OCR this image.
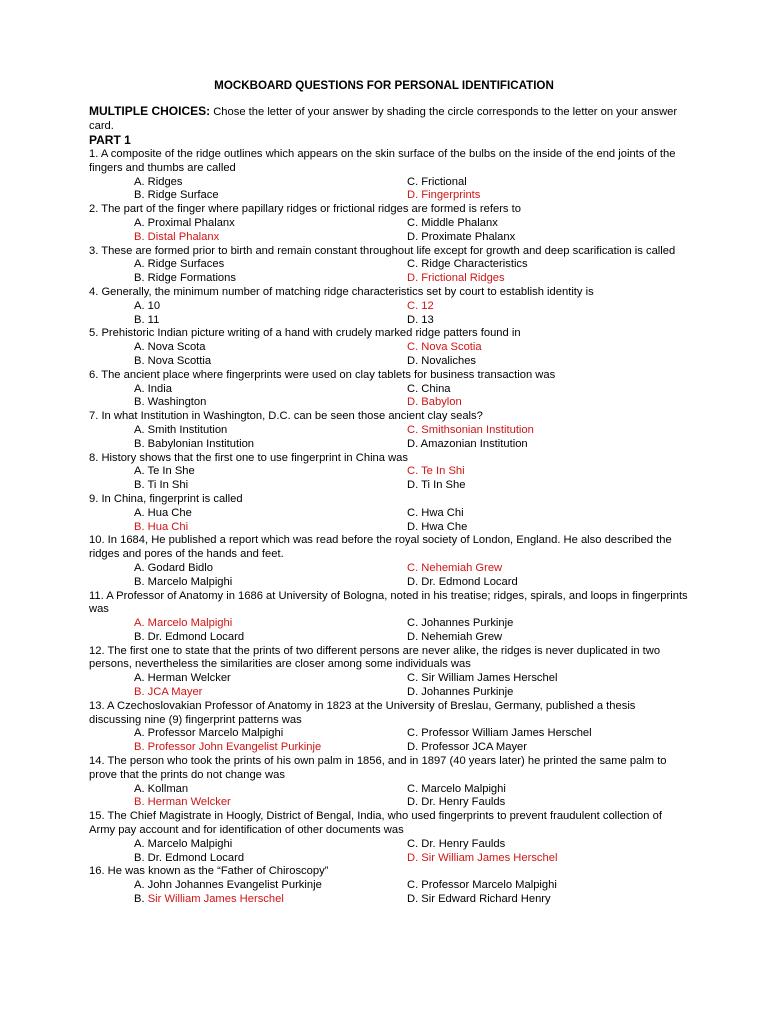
MOCKBOARD QUESTIONS FOR PERSONAL IDENTIFICATION
MULTIPLE CHOICES: Chose the letter of your answer by shading the circle corresponds to the letter on your answer card.
PART 1
1. A composite of the ridge outlines which appears on the skin surface of the bulbs on the inside of the end joints of the fingers and thumbs are called
A. Ridges	C. Frictional
B. Ridge Surface	D. Fingerprints
2. The part of the finger where papillary ridges or frictional ridges are formed is refers to
A. Proximal Phalanx	C. Middle Phalanx
B. Distal Phalanx	D. Proximate Phalanx
3. These are formed prior to birth and remain constant throughout life except for growth and deep scarification is called
A. Ridge Surfaces	C. Ridge Characteristics
B. Ridge Formations	D. Frictional Ridges
4. Generally, the minimum number of matching ridge characteristics set by court to establish identity is
A. 10	C. 12
B. 11	D. 13
5. Prehistoric Indian picture writing of a hand with crudely marked ridge patters found in
A. Nova Scota	C. Nova Scotia
B. Nova Scottia	D. Novaliches
6. The ancient place where fingerprints were used on clay tablets for business transaction was
A. India	C. China
B. Washington	D. Babylon
7. In what Institution in Washington, D.C. can be seen those ancient clay seals?
A. Smith Institution	C. Smithsonian Institution
B. Babylonian Institution	D. Amazonian Institution
8. History shows that the first one to use fingerprint in China was
A. Te In She	C. Te In Shi
B. Ti In Shi	D. Ti In She
9. In China, fingerprint is called
A. Hua Che	C. Hwa Chi
B. Hua Chi	D. Hwa Che
10. In 1684, He published a report which was read before the royal society of London, England. He also described the ridges and pores of the hands and feet.
A. Godard Bidlo	C. Nehemiah Grew
B. Marcelo Malpighi	D. Dr. Edmond Locard
11. A Professor of Anatomy in 1686 at University of Bologna, noted in his treatise; ridges, spirals, and loops in fingerprints was
A. Marcelo Malpighi	C. Johannes Purkinje
B. Dr. Edmond Locard	D. Nehemiah Grew
12. The first one to state that the prints of two different persons are never alike, the ridges is never duplicated in two persons, nevertheless the similarities are closer among some individuals was
A. Herman Welcker	C. Sir William James Herschel
B. JCA Mayer	D. Johannes Purkinje
13. A Czechoslovakian Professor of Anatomy in 1823 at the University of Breslau, Germany, published a thesis discussing nine (9) fingerprint patterns was
A. Professor Marcelo Malpighi	C. Professor William James Herschel
B. Professor John Evangelist Purkinje	D. Professor JCA Mayer
14. The person who took the prints of his own palm in 1856, and in 1897 (40 years later) he printed the same palm to prove that the prints do not change was
A. Kollman	C. Marcelo Malpighi
B. Herman Welcker	D. Dr. Henry Faulds
15. The Chief Magistrate in Hoogly, District of Bengal, India, who used fingerprints to prevent fraudulent collection of Army pay account and for identification of other documents was
A. Marcelo Malpighi	C. Dr. Henry Faulds
B. Dr. Edmond Locard	D. Sir William James Herschel
16. He was known as the “Father of Chiroscopy”
A. John Johannes Evangelist Purkinje	C. Professor Marcelo Malpighi
B. Sir William James Herschel	D. Sir Edward Richard Henry
